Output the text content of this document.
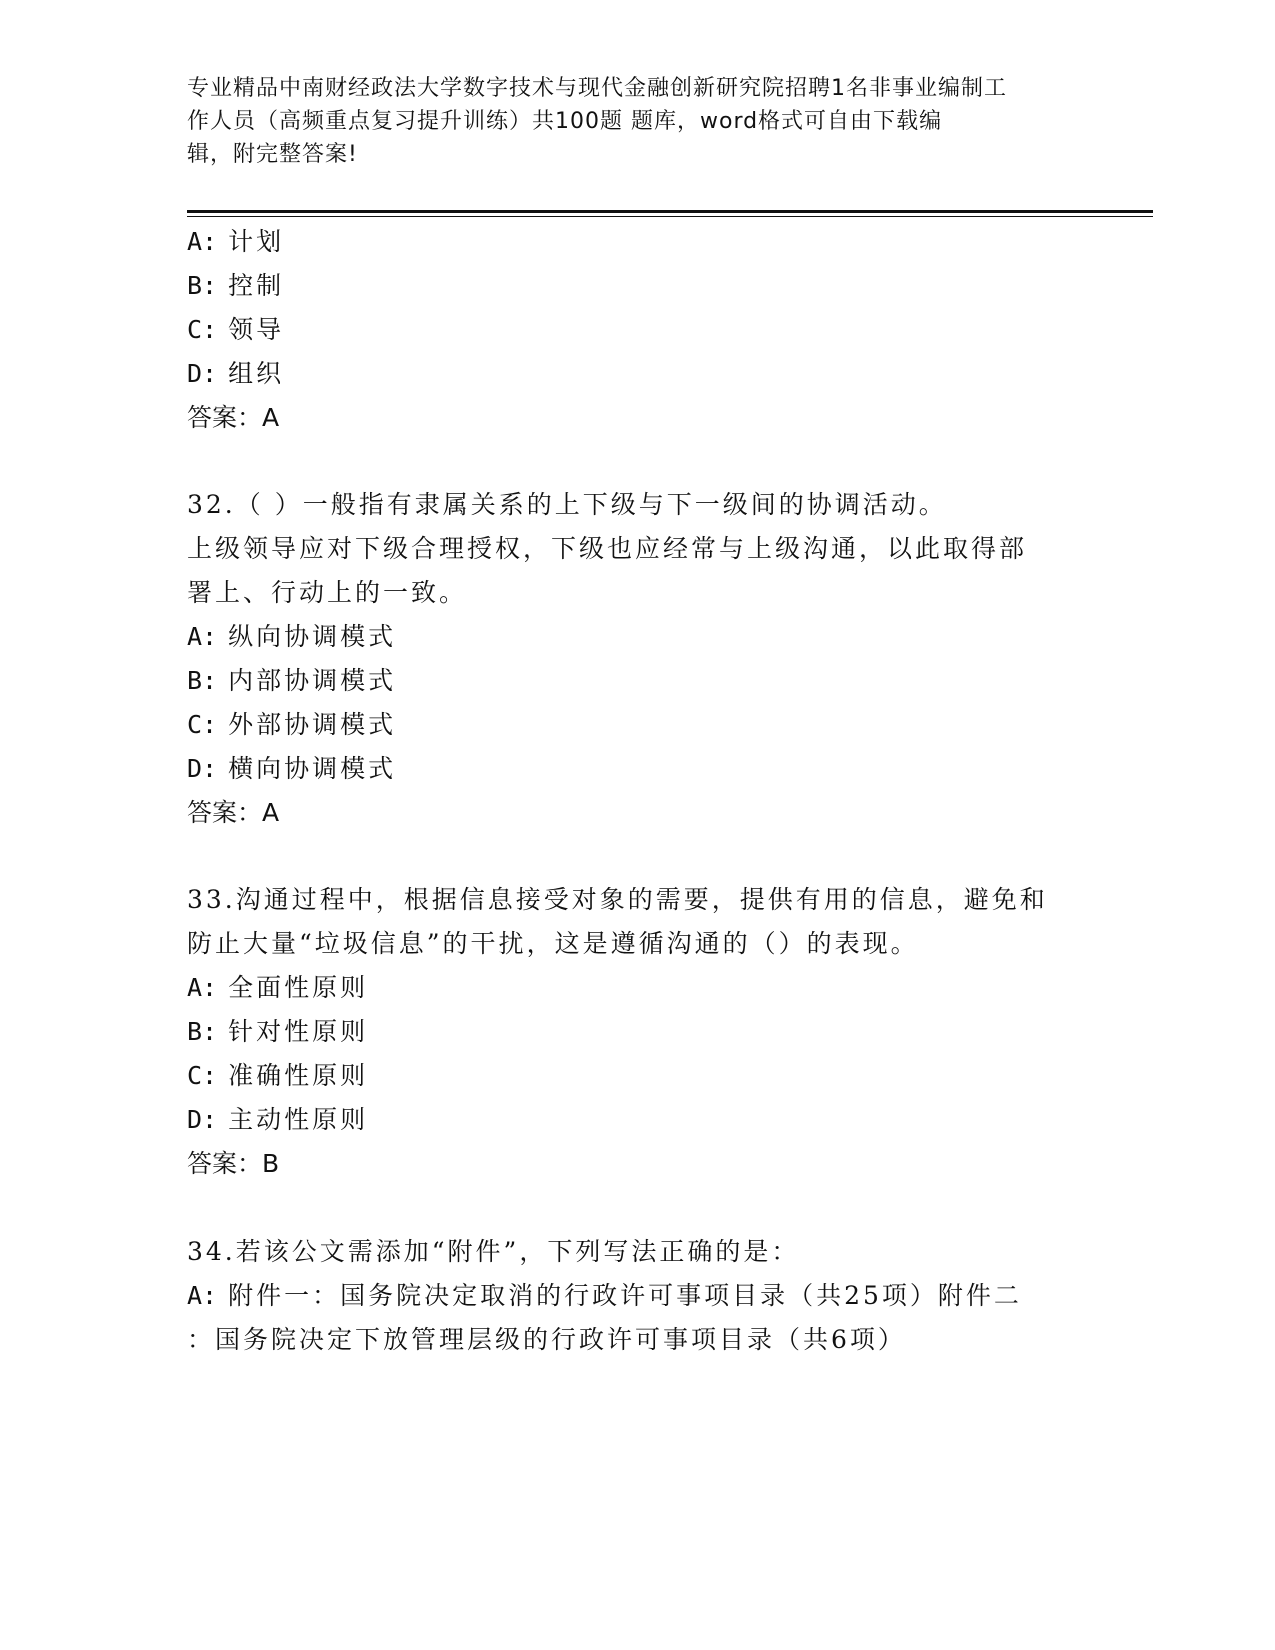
专业精品中南财经政法大学数字技术与现代金融创新研究院招聘1名非事业编制工
作人员（高频重点复习提升训练）共100题 题库，word格式可自由下载编
辑，附完整答案!
A: 计划
B: 控制
C: 领导
D: 组织
答案：A
32.（ ）一般指有隶属关系的上下级与下一级间的协调活动。
上级领导应对下级合理授权，下级也应经常与上级沟通，以此取得部
署上、行动上的一致。
A: 纵向协调模式
B: 内部协调模式
C: 外部协调模式
D: 横向协调模式
答案：A
33.沟通过程中，根据信息接受对象的需要，提供有用的信息，避免和
防止大量“垃圾信息”的干扰，这是遵循沟通的（）的表现。
A: 全面性原则
B: 针对性原则
C: 准确性原则
D: 主动性原则
答案：B
34.若该公文需添加“附件”，下列写法正确的是：
A: 附件一：国务院决定取消的行政许可事项目录（共25项）附件二
：国务院决定下放管理层级的行政许可事项目录（共6项）
